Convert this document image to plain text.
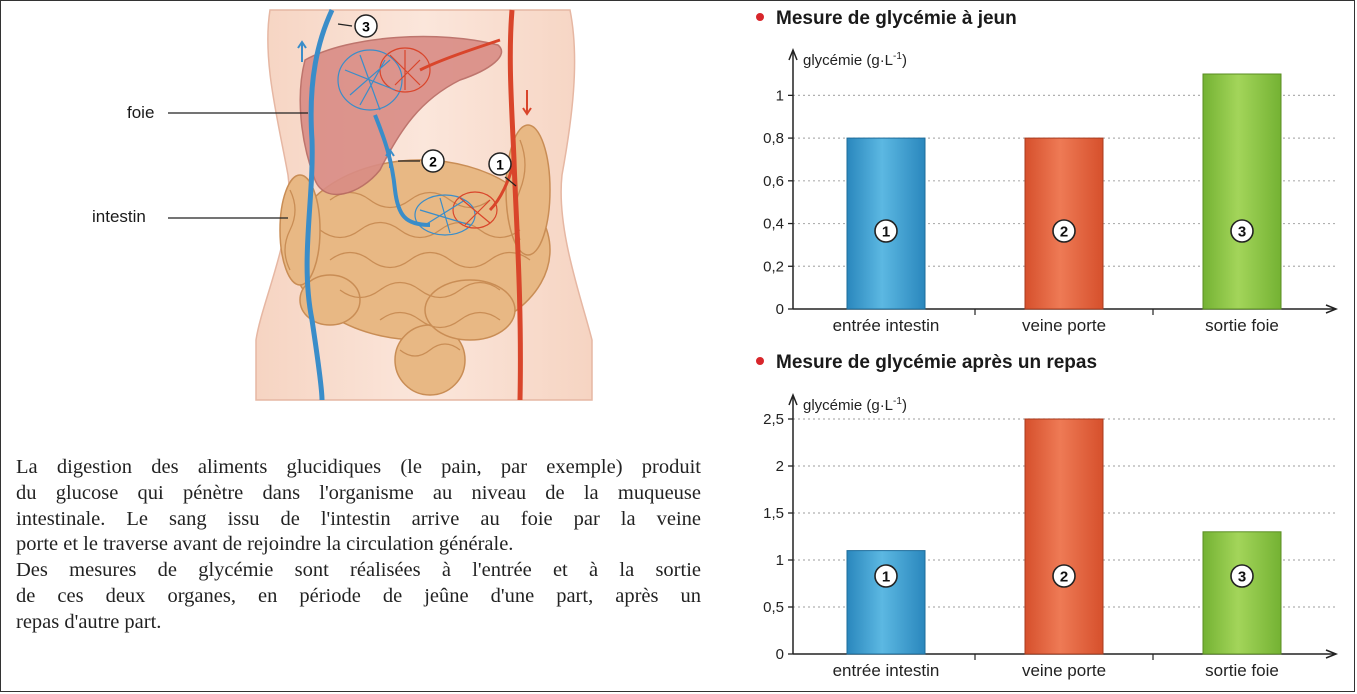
3
2	1
foie
intestin

La digestion des aliments glucidiques (le pain, par exemple) produit

du glucose qui pénètre dans l'organisme au niveau de la muqueuse

intestinale. Le sang issu de l'intestin arrive au foie par la veine

porte et le traverse avant de rejoindre la circulation générale.

Des mesures de glycémie sont réalisées à l'entrée et à la sortie

de ces deux organes, en période de jeûne d'une part, après un

repas d'autre part.

Mesure de glycémie à jeun
Mesure de glycémie après un repas
0
0,2
0,4
0,6
0,8
1
glycémie $(g\cdot L^{-1})$
1
entrée intestin
2
veine porte
3
sortie foie
0
0,5
1
1,5
2
2,5
glycémie $(g\cdot L^{-1})$
1
entrée intestin
2
veine porte
3
sortie foie
